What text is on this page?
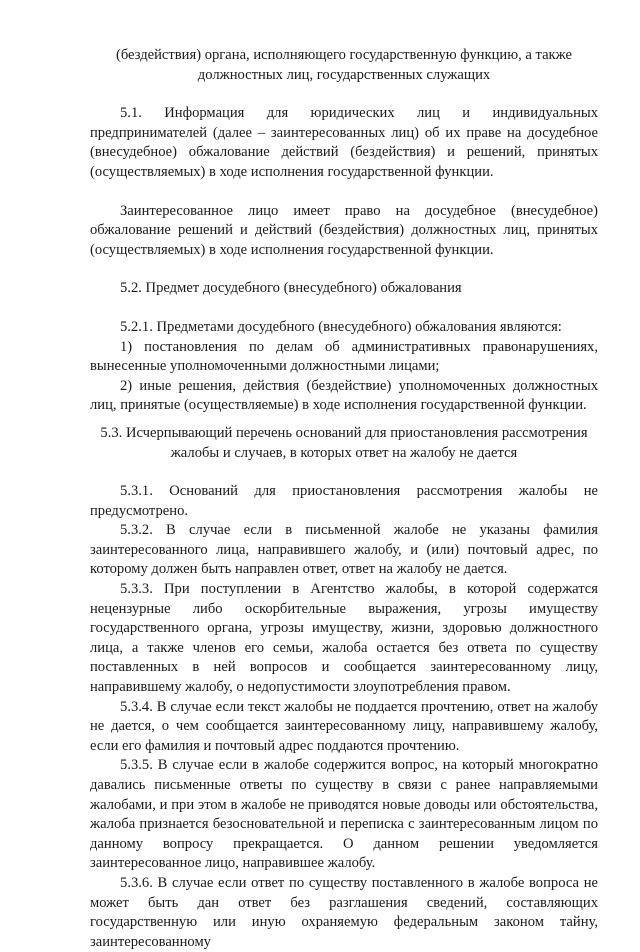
(бездействия) органа, исполняющего государственную функцию, а также должностных лиц, государственных служащих
5.1. Информация для юридических лиц и индивидуальных предпринимателей (далее – заинтересованных лиц) об их праве на досудебное (внесудебное) обжалование действий (бездействия) и решений, принятых (осуществляемых) в ходе исполнения государственной функции.
Заинтересованное лицо имеет право на досудебное (внесудебное) обжалование решений и действий (бездействия) должностных лиц, принятых (осуществляемых) в ходе исполнения государственной функции.
5.2. Предмет досудебного (внесудебного) обжалования
5.2.1. Предметами досудебного (внесудебного) обжалования являются:
1) постановления по делам об административных правонарушениях, вынесенные уполномоченными должностными лицами;
2) иные решения, действия (бездействие) уполномоченных должностных лиц, принятые (осуществляемые) в ходе исполнения государственной функции.
5.3. Исчерпывающий перечень оснований для приостановления рассмотрения жалобы и случаев, в которых ответ на жалобу не дается
5.3.1. Оснований для приостановления рассмотрения жалобы не предусмотрено.
5.3.2. В случае если в письменной жалобе не указаны фамилия заинтересованного лица, направившего жалобу, и (или) почтовый адрес, по которому должен быть направлен ответ, ответ на жалобу не дается.
5.3.3. При поступлении в Агентство жалобы, в которой содержатся нецензурные либо оскорбительные выражения, угрозы имуществу государственного органа, угрозы имуществу, жизни, здоровью должностного лица, а также членов его семьи, жалоба остается без ответа по существу поставленных в ней вопросов и сообщается заинтересованному лицу, направившему жалобу, о недопустимости злоупотребления правом.
5.3.4. В случае если текст жалобы не поддается прочтению, ответ на жалобу не дается, о чем сообщается заинтересованному лицу, направившему жалобу, если его фамилия и почтовый адрес поддаются прочтению.
5.3.5. В случае если в жалобе содержится вопрос, на который многократно давались письменные ответы по существу в связи с ранее направляемыми жалобами, и при этом в жалобе не приводятся новые доводы или обстоятельства, жалоба признается безосновательной и переписка с заинтересованным лицом по данному вопросу прекращается. О данном решении уведомляется заинтересованное лицо, направившее жалобу.
5.3.6. В случае если ответ по существу поставленного в жалобе вопроса не может быть дан ответ без разглашения сведений, составляющих государственную или иную охраняемую федеральным законом тайну, заинтересованному
